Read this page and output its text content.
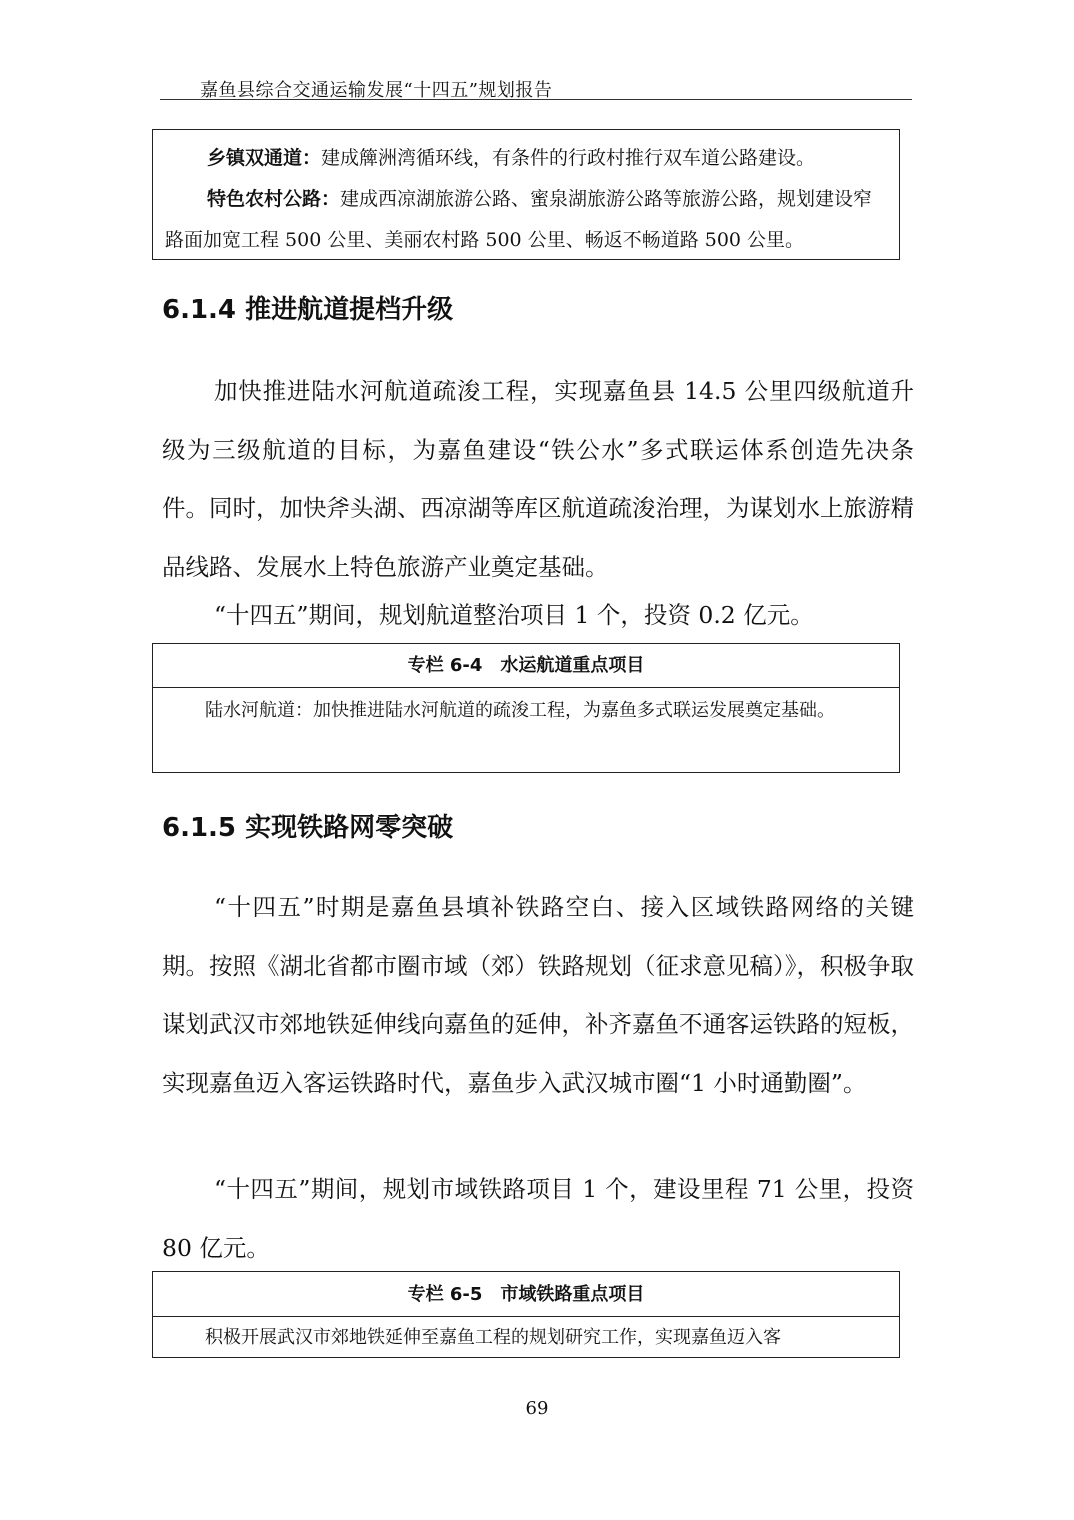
嘉鱼县综合交通运输发展“十四五”规划报告

乡镇双通道：建成簰洲湾循环线，有条件的行政村推行双车道公路建设。

特色农村公路：建成西凉湖旅游公路、蜜泉湖旅游公路等旅游公路，规划建设窄路面加宽工程 500 公里、美丽农村路 500 公里、畅返不畅道路 500 公里。

6.1.4 推进航道提档升级

加快推进陆水河航道疏浚工程，实现嘉鱼县 14.5 公里四级航道升级为三级航道的目标，为嘉鱼建设“铁公水”多式联运体系创造先决条件。同时，加快斧头湖、西凉湖等库区航道疏浚治理，为谋划水上旅游精品线路、发展水上特色旅游产业奠定基础。

“十四五”期间，规划航道整治项目 1 个，投资 0.2 亿元。

专栏 6-4　水运航道重点项目
陆水河航道：加快推进陆水河航道的疏浚工程，为嘉鱼多式联运发展奠定基础。
6.1.5 实现铁路网零突破

“十四五”时期是嘉鱼县填补铁路空白、接入区域铁路网络的关键期。按照《湖北省都市圈市域（郊）铁路规划（征求意见稿）》，积极争取谋划武汉市郊地铁延伸线向嘉鱼的延伸，补齐嘉鱼不通客运铁路的短板，实现嘉鱼迈入客运铁路时代，嘉鱼步入武汉城市圈“1 小时通勤圈”。

“十四五”期间，规划市域铁路项目 1 个，建设里程 71 公里，投资 80 亿元。

专栏 6-5　市域铁路重点项目
积极开展武汉市郊地铁延伸至嘉鱼工程的规划研究工作，实现嘉鱼迈入客
69
